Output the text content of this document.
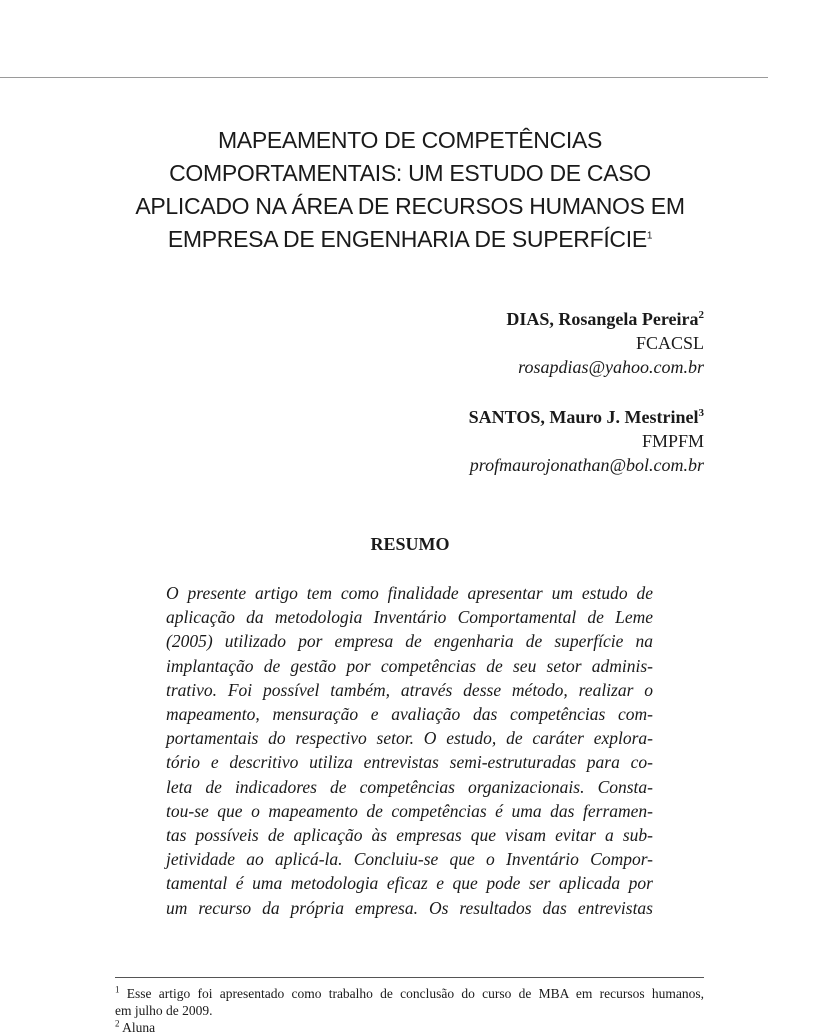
MAPEAMENTO DE COMPETÊNCIAS
COMPORTAMENTAIS: UM ESTUDO DE CASO
APLICADO NA ÁREA DE RECURSOS HUMANOS EM
EMPRESA DE ENGENHARIA DE SUPERFÍCIE$^1$
DIAS, Rosangela Pereira$^2$
FCACSL
rosapdias@yahoo.com.br
SANTOS, Mauro J. Mestrinel$^3$
FMPFM
profmaurojonathan@bol.com.br
RESUMO
O presente artigo tem como finalidade apresentar um estudo de
aplicação da metodologia Inventário Comportamental de Leme
(2005) utilizado por empresa de engenharia de superfície na
implantação de gestão por competências de seu setor adminis-
trativo. Foi possível também, através desse método, realizar o
mapeamento, mensuração e avaliação das competências com-
portamentais do respectivo setor. O estudo, de caráter explora-
tório e descritivo utiliza entrevistas semi-estruturadas para co-
leta de indicadores de competências organizacionais. Consta-
tou-se que o mapeamento de competências é uma das ferramen-
tas possíveis de aplicação às empresas que visam evitar a sub-
jetividade ao aplicá-la. Concluiu-se que o Inventário Compor-
tamental é uma metodologia eficaz e que pode ser aplicada por
um recurso da própria empresa. Os resultados das entrevistas
$^1$ Esse artigo foi apresentado como trabalho de conclusão do curso de MBA em recursos humanos,
em julho de 2009.
$^2$ Aluna
